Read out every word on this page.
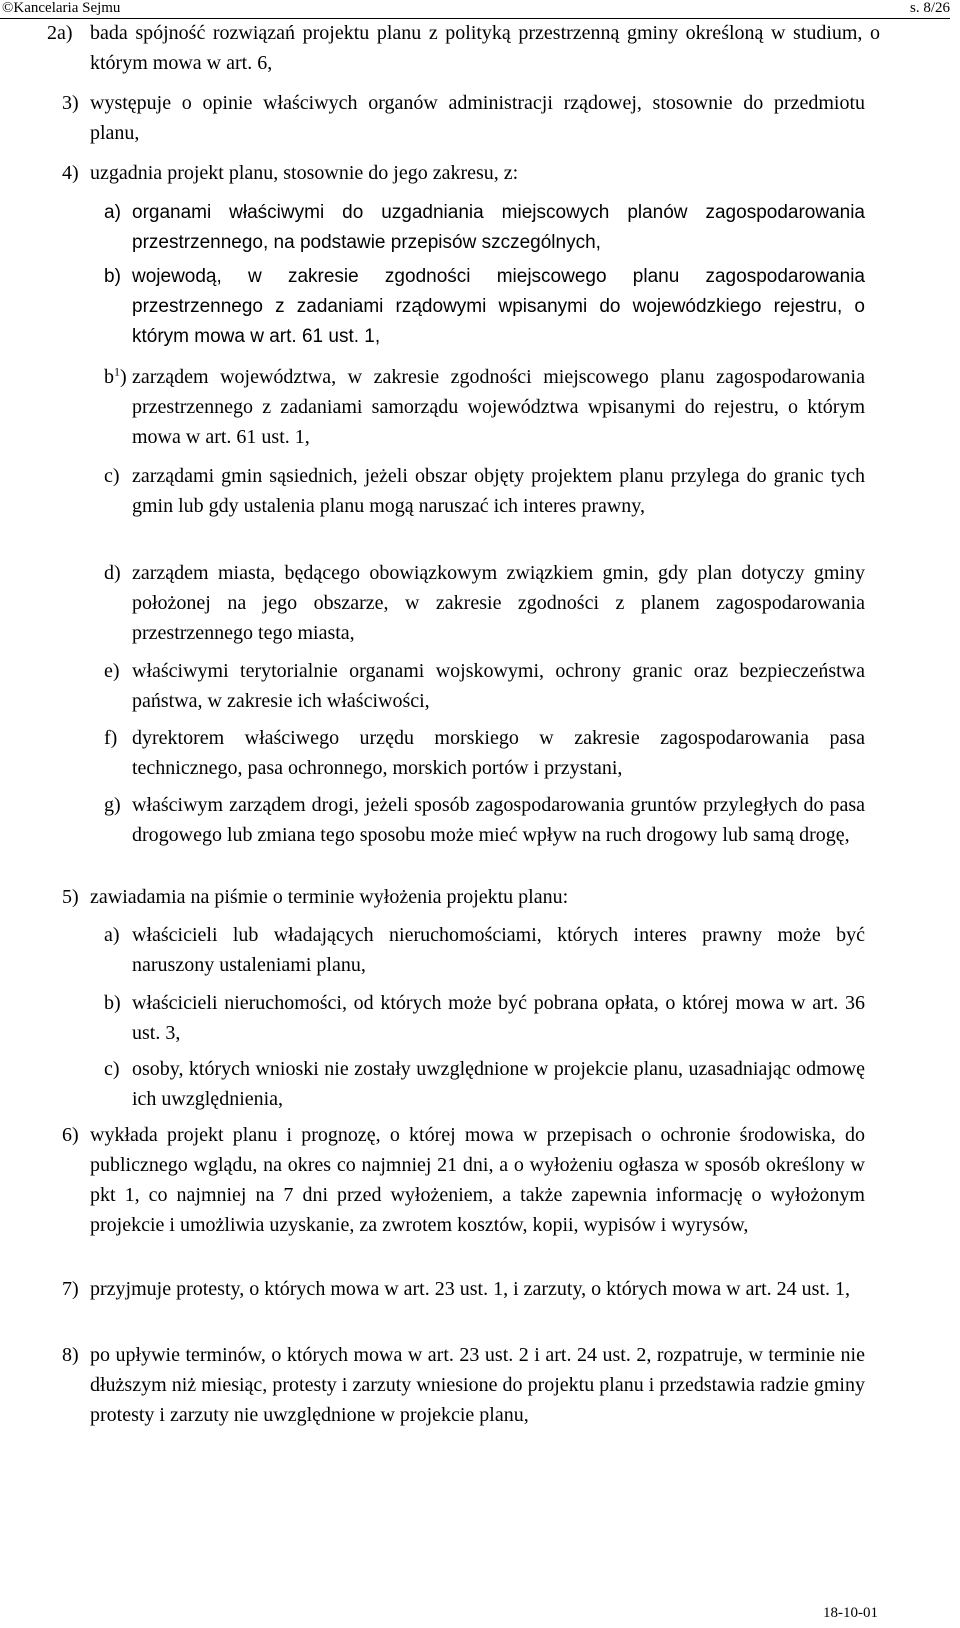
©Kancelaria Sejmu	s. 8/26
2a) bada spójność rozwiązań projektu planu z polityką przestrzenną gminy określoną w studium, o którym mowa w art. 6,
3) występuje o opinie właściwych organów administracji rządowej, stosownie do przedmiotu planu,
4) uzgadnia projekt planu, stosownie do jego zakresu, z:
a) organami właściwymi do uzgadniania miejscowych planów zagospodarowania przestrzennego, na podstawie przepisów szczególnych,
b) wojewodą, w zakresie zgodności miejscowego planu zagospodarowania przestrzennego z zadaniami rządowymi wpisanymi do wojewódzkiego rejestru, o którym mowa w art. 61 ust. 1,
$b^1$) zarządem województwa, w zakresie zgodności miejscowego planu zagospodarowania przestrzennego z zadaniami samorządu województwa wpisanymi do rejestru, o którym mowa w art. 61 ust. 1,
c) zarządami gmin sąsiednich, jeżeli obszar objęty projektem planu przylega do granic tych gmin lub gdy ustalenia planu mogą naruszać ich interes prawny,
d) zarządem miasta, będącego obowiązkowym związkiem gmin, gdy plan dotyczy gminy położonej na jego obszarze, w zakresie zgodności z planem zagospodarowania przestrzennego tego miasta,
e) właściwymi terytorialnie organami wojskowymi, ochrony granic oraz bezpieczeństwa państwa, w zakresie ich właściwości,
f) dyrektorem właściwego urzędu morskiego w zakresie zagospodarowania pasa technicznego, pasa ochronnego, morskich portów i przystani,
g) właściwym zarządem drogi, jeżeli sposób zagospodarowania gruntów przyległych do pasa drogowego lub zmiana tego sposobu może mieć wpływ na ruch drogowy lub samą drogę,
5) zawiadamia na piśmie o terminie wyłożenia projektu planu:
a) właścicieli lub władających nieruchomościami, których interes prawny może być naruszony ustaleniami planu,
b) właścicieli nieruchomości, od których może być pobrana opłata, o której mowa w art. 36 ust. 3,
c) osoby, których wnioski nie zostały uwzględnione w projekcie planu, uzasadniając odmowę ich uwzględnienia,
6) wykłada projekt planu i prognozę, o której mowa w przepisach o ochronie środowiska, do publicznego wglądu, na okres co najmniej 21 dni, a o wyłożeniu ogłasza w sposób określony w pkt 1, co najmniej na 7 dni przed wyłożeniem, a także zapewnia informację o wyłożonym projekcie i umożliwia uzyskanie, za zwrotem kosztów, kopii, wypisów i wyrysów,
7) przyjmuje protesty, o których mowa w art. 23 ust. 1, i zarzuty, o których mowa w art. 24 ust. 1,
8) po upływie terminów, o których mowa w art. 23 ust. 2 i art. 24 ust. 2, rozpatruje, w terminie nie dłuższym niż miesiąc, protesty i zarzuty wniesione do projektu planu i przedstawia radzie gminy protesty i zarzuty nie uwzględnione w projekcie planu,
18-10-01
